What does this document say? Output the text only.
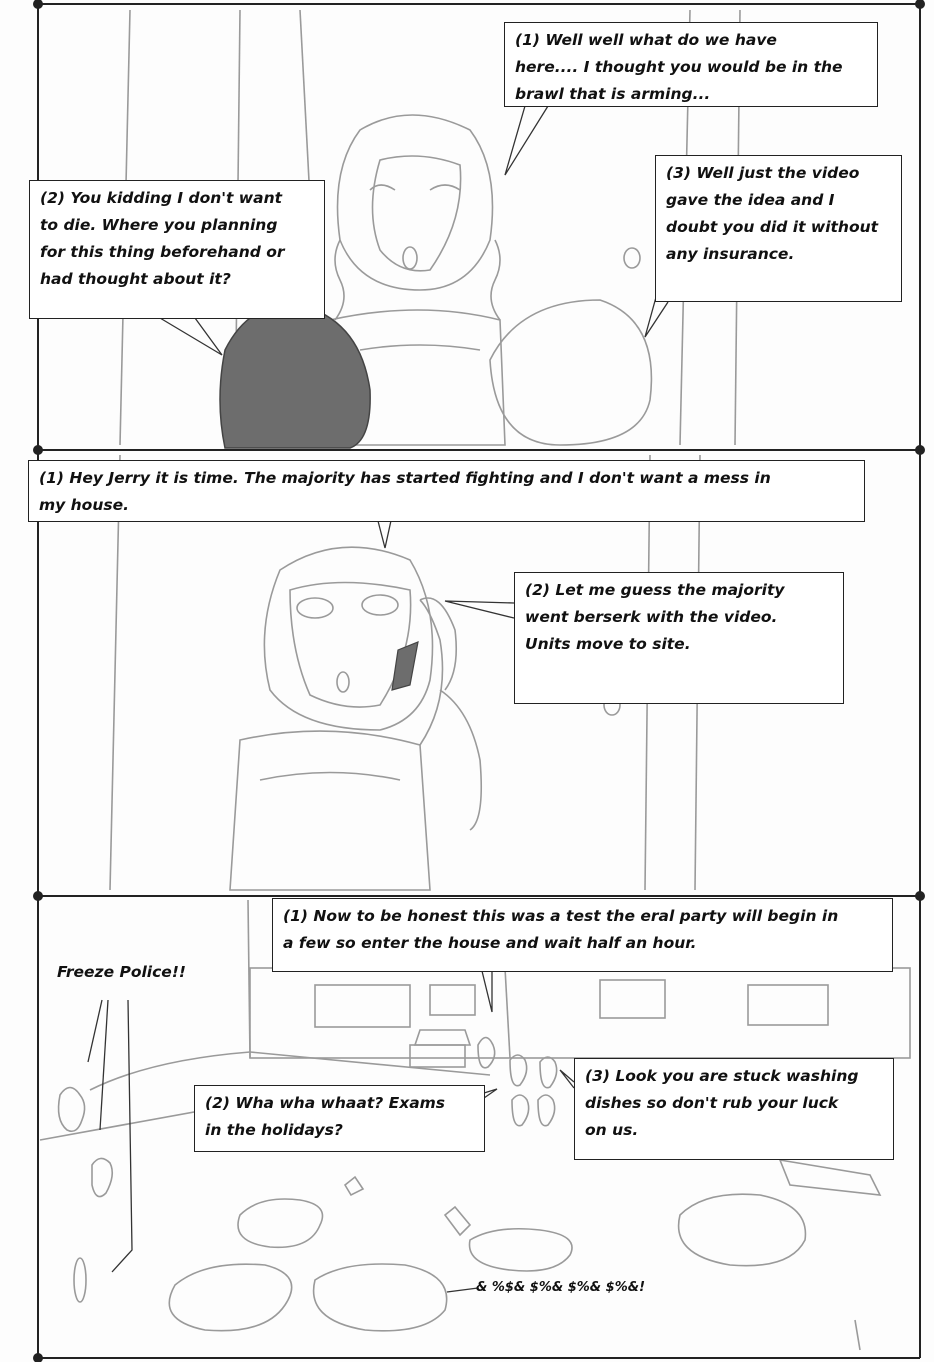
(1) Well well what do we have
here.... I thought you would be in the
brawl that is arming...
(2) You kidding I don't want
to die. Where you planning
for this thing beforehand or
had thought about it?
(3) Well just the video
gave the idea and I
doubt you did it without
any insurance.
(1) Hey Jerry it is time. The majority has started fighting and I don't want a mess in
my house.
(2) Let me guess the majority
went berserk with the video.
Units move to site.
(1) Now to be honest this was a test the eral party will begin in
a few so enter the house and wait half an hour.
(2) Wha wha whaat? Exams
in the holidays?
(3) Look you are stuck washing
dishes so don't rub your luck
on us.
Freeze Police!!
& %$& $%& $%& $%&!
